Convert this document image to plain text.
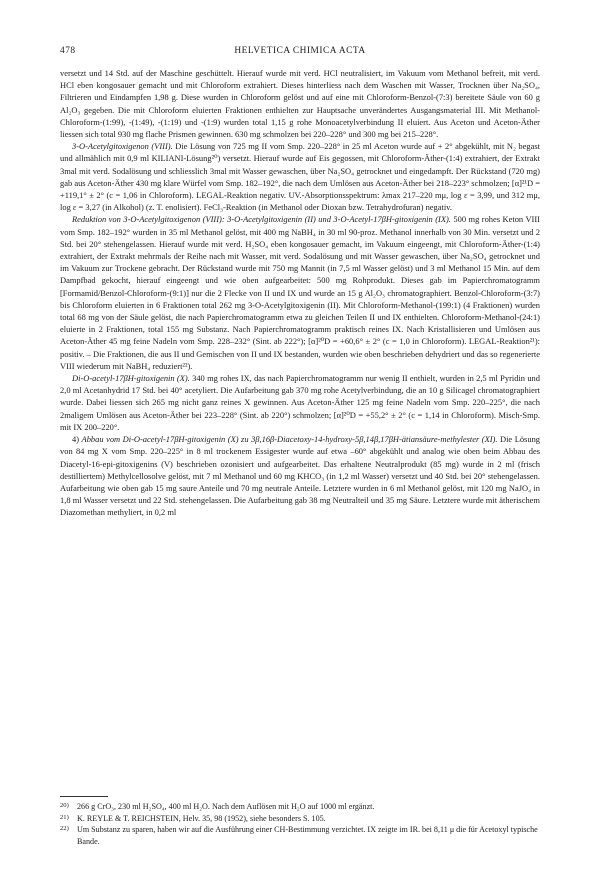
478	HELVETICA CHIMICA ACTA

versetzt und 14 Std. auf der Maschine geschüttelt. Hierauf wurde mit verd. HCl neutralisiert, im Vakuum vom Methanol befreit, mit verd. HCl eben kongosauer gemacht und mit Chloroform extrahiert. Dieses hinterliess nach dem Waschen mit Wasser, Trocknen über Na₂SO₄, Filtrieren und Eindampfen 1,98 g. Diese wurden in Chloroform gelöst und auf eine mit Chloroform-Benzol-(7:3) bereitete Säule von 60 g Al₂O₃ gegeben. Die mit Chloroform eluierten Fraktionen enthielten zur Hauptsache unverändertes Ausgangsmaterial III. Mit Methanol-Chloroform-(1:99), -(1:49), -(1:19) und -(1:9) wurden total 1,15 g rohe Monoacetylverbindung II eluiert. Aus Aceton und Aceton-Äther liessen sich total 930 mg flache Prismen gewinnen. 630 mg schmolzen bei 220–228° und 300 mg bei 215–228°.

3-O-Acetylgitoxigenon (VIII). Die Lösung von 725 mg II vom Smp. 220–228° in 25 ml Aceton wurde auf + 2° abgekühlt, mit N₂ begast und allmählich mit 0,9 ml KILIANI-Lösung²⁰) versetzt. Hierauf wurde auf Eis gegossen, mit Chloroform-Äther-(1:4) extrahiert, der Extrakt 3mal mit verd. Sodalösung und schliesslich 3mal mit Wasser gewaschen, über Na₂SO₄ getrocknet und eingedampft. Der Rückstand (720 mg) gab aus Aceton-Äther 430 mg klare Würfel vom Smp. 182–192°, die nach dem Umlösen aus Aceton-Äther bei 218–223° schmolzen; [α]²¹D = +119,1° ± 2° (c = 1,06 in Chloroform). LEGAL-Reaktion negativ. UV.-Absorptionsspektrum: λmax 217–220 mμ, log ε = 3,99, und 312 mμ, log ε = 3,27 (in Alkohol) (z. T. enolisiert). FeCl₃-Reaktion (in Methanol oder Dioxan bzw. Tetrahydrofuran) negativ.

Reduktion von 3-O-Acetylgitoxigenon (VIII): 3-O-Acetylgitoxigenin (II) und 3-O-Acetyl-17βH-gitoxigenin (IX). 500 mg rohes Keton VIII vom Smp. 182–192° wurden in 35 ml Methanol gelöst, mit 400 mg NaBH₄ in 30 ml 90-proz. Methanol innerhalb von 30 Min. versetzt und 2 Std. bei 20° stehengelassen. Hierauf wurde mit verd. H₂SO₄ eben kongosauer gemacht, im Vakuum eingeengt, mit Chloroform-Äther-(1:4) extrahiert, der Extrakt mehrmals der Reihe nach mit Wasser, mit verd. Sodalösung und mit Wasser gewaschen, über Na₂SO₄ getrocknet und im Vakuum zur Trockene gebracht. Der Rückstand wurde mit 750 mg Mannit (in 7,5 ml Wasser gelöst) und 3 ml Methanol 15 Min. auf dem Dampfbad gekocht, hierauf eingeengt und wie oben aufgearbeitet: 500 mg Rohprodukt. Dieses gab im Papierchromatogramm [Formamid/Benzol-Chloroform-(9:1)] nur die 2 Flecke von II und IX und wurde an 15 g Al₂O₃ chromatographiert. Benzol-Chloroform-(3:7) bis Chloroform eluierten in 6 Fraktionen total 262 mg 3-O-Acetylgitoxigenin (II). Mit Chloroform-Methanol-(199:1) (4 Fraktionen) wurden total 68 mg von der Säule gelöst, die nach Papierchromatogramm etwa zu gleichen Teilen II und IX enthielten. Chloroform-Methanol-(24:1) eluierte in 2 Fraktionen, total 155 mg Substanz. Nach Papierchromatogramm praktisch reines IX. Nach Kristallisieren und Umlösen aus Aceton-Äther 45 mg feine Nadeln vom Smp. 228–232° (Sint. ab 222°); [α]²⁰D = +60,6° ± 2° (c = 1,0 in Chloroform). LEGAL-Reaktion²¹): positiv. – Die Fraktionen, die aus II und Gemischen von II und IX bestanden, wurden wie oben beschrieben dehydriert und das so regenerierte VIII wiederum mit NaBH₄ reduziert²²).

Di-O-acetyl-17βH-gitoxigenin (X). 340 mg rohes IX, das nach Papierchromatogramm nur wenig II enthielt, wurden in 2,5 ml Pyridin und 2,0 ml Acetanhydrid 17 Std. bei 40° acetyliert. Die Aufarbeitung gab 370 mg rohe Acetylverbindung, die an 10 g Silicagel chromatographiert wurde. Dabei liessen sich 265 mg nicht ganz reines X gewinnen. Aus Aceton-Äther 125 mg feine Nadeln vom Smp. 220–225°, die nach 2maligem Umlösen aus Aceton-Äther bei 223–228° (Sint. ab 220°) schmolzen; [α]²⁰D = +55,2° ± 2° (c = 1,14 in Chloroform). Misch-Smp. mit IX 200–220°.

4) Abbau vom Di-O-acetyl-17βH-gitoxigenin (X) zu 3β,16β-Diacetoxy-14-hydroxy-5β,14β,17βH-ätiansäure-methylester (XI). Die Lösung von 84 mg X vom Smp. 220–225° in 8 ml trockenem Essigester wurde auf etwa –60° abgekühlt und analog wie oben beim Abbau des Diacetyl-16-epi-gitoxigenins (V) beschrieben ozonisiert und aufgearbeitet. Das erhaltene Neutralprodukt (85 mg) wurde in 2 ml (frisch destilliertem) Methylcellosolve gelöst, mit 7 ml Methanol und 60 mg KHCO₃ (in 1,2 ml Wasser) versetzt und 40 Std. bei 20° stehengelassen. Aufarbeitung wie oben gab 15 mg saure Anteile und 70 mg neutrale Anteile. Letztere wurden in 6 ml Methanol gelöst, mit 120 mg NaJO₄ in 1,8 ml Wasser versetzt und 22 Std. stehengelassen. Die Aufarbeitung gab 38 mg Neutralteil und 35 mg Säure. Letztere wurde mit ätherischem Diazomethan methyliert, in 0,2 ml

20) 266 g CrO₃, 230 ml H₂SO₄, 400 ml H₂O. Nach dem Auflösen mit H₂O auf 1000 ml ergänzt.
21) K. REYLE & T. REICHSTEIN, Helv. 35, 98 (1952), siehe besonders S. 105.
22) Um Substanz zu sparen, haben wir auf die Ausführung einer CH-Bestimmung verzichtet. IX zeigte im IR. bei 8,11 μ die für Acetoxyl typische Bande.
